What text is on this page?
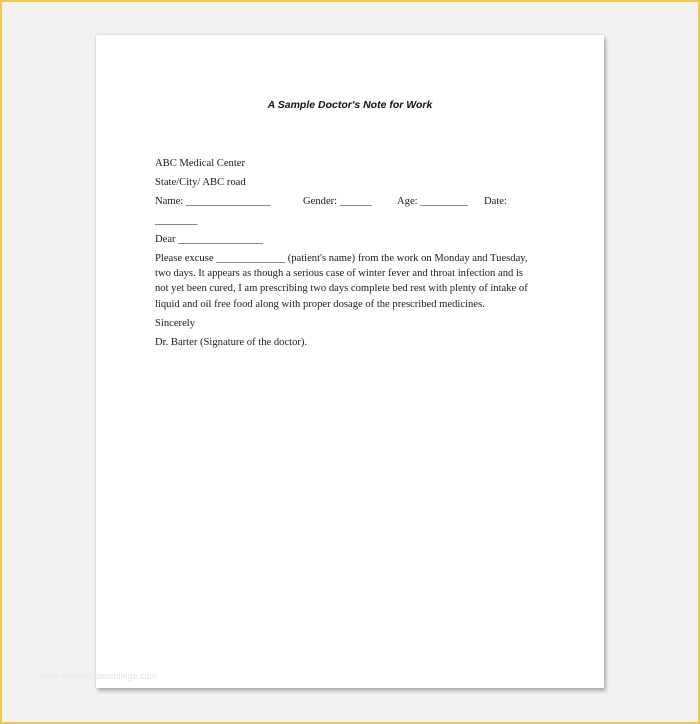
A Sample Doctor's Note for Work
ABC Medical Center
State/City/ ABC road
Name: ________________	Gender: ______ Age: _________ Date:
________
Dear ________________
Please excuse _____________ (patient's name) from the work on Monday and Tuesday,
two days. It appears as though a serious case of winter fever and throat infection and is
not yet been cured, I am prescribing two days complete bed rest with plenty of intake of
liquid and oil free food along with proper dosage of the prescribed medicines.
Sincerely
Dr. Barter (Signature of the doctor).
www.flaschristiancollege.com
